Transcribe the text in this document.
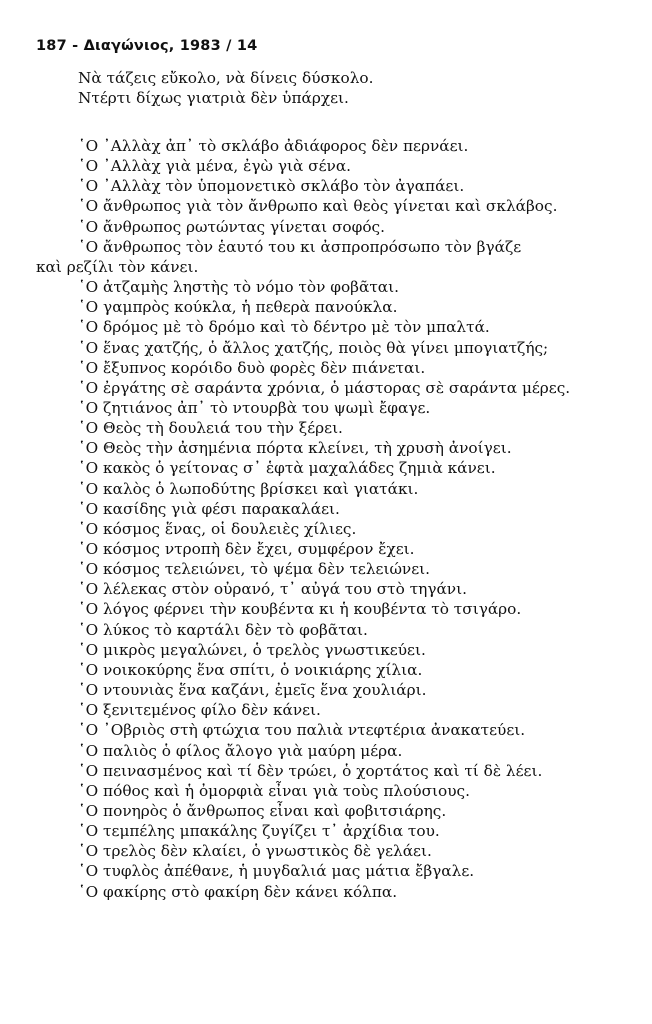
187 - Διαγώνιος, 1983 / 14
Νὰ τάζεις εὔκολο, νὰ δίνεις δύσκολο.
Ντέρτι δίχως γιατριὰ δὲν ὑπάρχει.
῾Ο ᾿Αλλὰχ ἀπ᾿ τὸ σκλάβο ἀδιάφορος δὲν περνάει.
῾Ο ᾿Αλλὰχ γιὰ μένα, ἐγὼ γιὰ σένα.
῾Ο ᾿Αλλὰχ τὸν ὑπομονετικὸ σκλάβο τὸν ἀγαπάει.
῾Ο ἄνθρωπος γιὰ τὸν ἄνθρωπο καὶ θεὸς γίνεται καὶ σκλάβος.
῾Ο ἄνθρωπος ρωτώντας γίνεται σοφός.
῾Ο ἄνθρωπος τὸν ἑαυτό του κι ἀσπροπρόσωπο τὸν βγάζε
καὶ ρεζίλι τὸν κάνει.
῾Ο ἀτζαμὴς ληστὴς τὸ νόμο τὸν φοβᾶται.
῾Ο γαμπρὸς κούκλα, ἡ πεθερὰ πανούκλα.
῾Ο δρόμος μὲ τὸ δρόμο καὶ τὸ δέντρο μὲ τὸν μπαλτά.
῾Ο ἕνας χατζής, ὁ ἄλλος χατζής, ποιὸς θὰ γίνει μπογιατζής;
῾Ο ἔξυπνος κορόιδο δυὸ φορὲς δὲν πιάνεται.
῾Ο ἐργάτης σὲ σαράντα χρόνια, ὁ μάστορας σὲ σαράντα μέρες.
῾Ο ζητιάνος ἀπ᾿ τὸ ντουρβὰ του ψωμὶ ἔφαγε.
῾Ο Θεὸς τὴ δουλειά του τὴν ξέρει.
῾Ο Θεὸς τὴν ἀσημένια πόρτα κλείνει, τὴ χρυσὴ ἀνοίγει.
῾Ο κακὸς ὁ γείτονας σ᾿ ἑφτὰ μαχαλάδες ζημιὰ κάνει.
῾Ο καλὸς ὁ λωποδύτης βρίσκει καὶ γιατάκι.
῾Ο κασίδης γιὰ φέσι παρακαλάει.
῾Ο κόσμος ἕνας, οἱ δουλειὲς χίλιες.
῾Ο κόσμος ντροπὴ δὲν ἔχει, συμφέρον ἔχει.
῾Ο κόσμος τελειώνει, τὸ ψέμα δὲν τελειώνει.
῾Ο λέλεκας στὸν οὐρανό, τ᾿ αὐγά του στὸ τηγάνι.
῾Ο λόγος φέρνει τὴν κουβέντα κι ἡ κουβέντα τὸ τσιγάρο.
῾Ο λύκος τὸ καρτάλι δὲν τὸ φοβᾶται.
῾Ο μικρὸς μεγαλώνει, ὁ τρελὸς γνωστικεύει.
῾Ο νοικοκύρης ἕνα σπίτι, ὁ νοικιάρης χίλια.
῾Ο ντουνιὰς ἕνα καζάνι, ἐμεῖς ἕνα χουλιάρι.
῾Ο ξενιτεμένος φίλο δὲν κάνει.
῾Ο ᾿Οβριὸς στὴ φτώχια του παλιὰ ντεφτέρια ἀνακατεύει.
῾Ο παλιὸς ὁ φίλος ἄλογο γιὰ μαύρη μέρα.
῾Ο πεινασμένος καὶ τί δὲν τρώει, ὁ χορτάτος καὶ τί δὲ λέει.
῾Ο πόθος καὶ ἡ ὀμορφιὰ εἶναι γιὰ τοὺς πλούσιους.
῾Ο πονηρὸς ὁ ἄνθρωπος εἶναι καὶ φοβιτσιάρης.
῾Ο τεμπέλης μπακάλης ζυγίζει τ᾿ ἀρχίδια του.
῾Ο τρελὸς δὲν κλαίει, ὁ γνωστικὸς δὲ γελάει.
῾Ο τυφλὸς ἀπέθανε, ἡ μυγδαλιά μας μάτια ἔβγαλε.
῾Ο φακίρης στὸ φακίρη δὲν κάνει κόλπα.
